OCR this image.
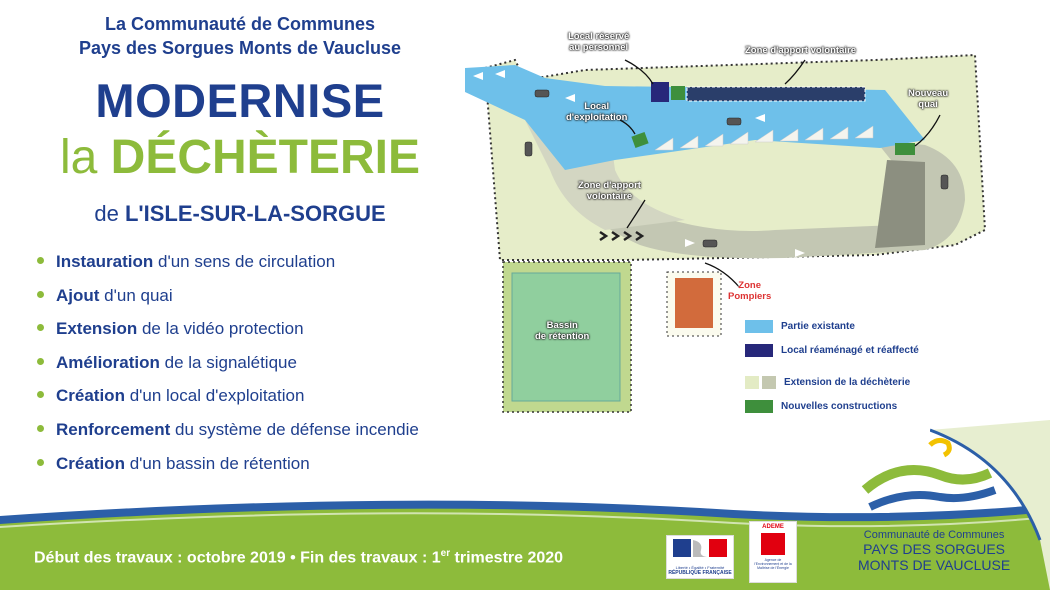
La Communauté de Communes
Pays des Sorgues Monts de Vaucluse
MODERNISE
la DÉCHÈTERIE
de L'ISLE-SUR-LA-SORGUE
Instauration d'un sens de circulation
Ajout d'un quai
Extension de la vidéo protection
Amélioration de la signalétique
Création d'un local d'exploitation
Renforcement du système de défense incendie
Création d'un bassin de rétention
Local réservé
au personnel	Zone d'apport volontaire
Nouveau
quai
Local
d'exploitation
Zone d'apport
volontaire
Zone
Pompiers
Bassin
de rétention
Partie existante
Local réaménagé et réaffecté
Extension de la déchèterie
Nouvelles constructions
Début des travaux : octobre 2019 • Fin des travaux : 1er trimestre 2020
Liberté • Égalité • Fraternité
RÉPUBLIQUE FRANÇAISE
ADEME
Agence de l'Environnement et de la Maîtrise de l'Énergie
Communauté de Communes
PAYS DES SORGUES
MONTS DE VAUCLUSE
